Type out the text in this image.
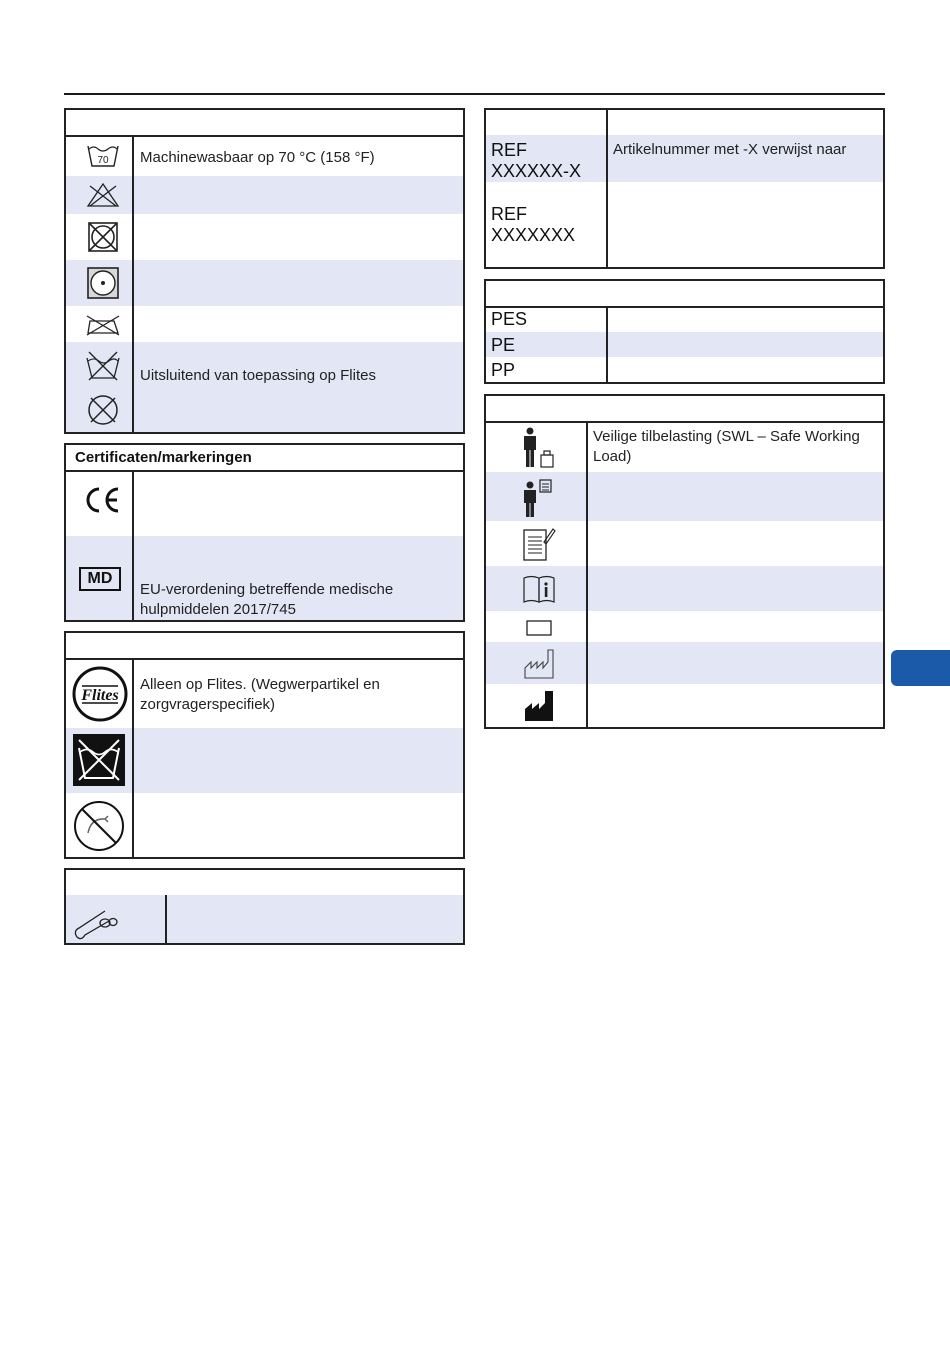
Machinewasbaar op 70 °C (158 °F)
Uitsluitend van toepassing op Flites
70
Certificaten/markeringen
EU-verordening betreffende medische hulpmiddelen 2017/745
MD
Alleen op Flites. (Wegwerpartikel en zorgvragerspecifiek)
Flites
REF XXXXXX-X
Artikelnummer met -X verwijst naar
REF XXXXXXX
PES
PE
PP
Veilige tilbelasting (SWL – Safe Working Load)
